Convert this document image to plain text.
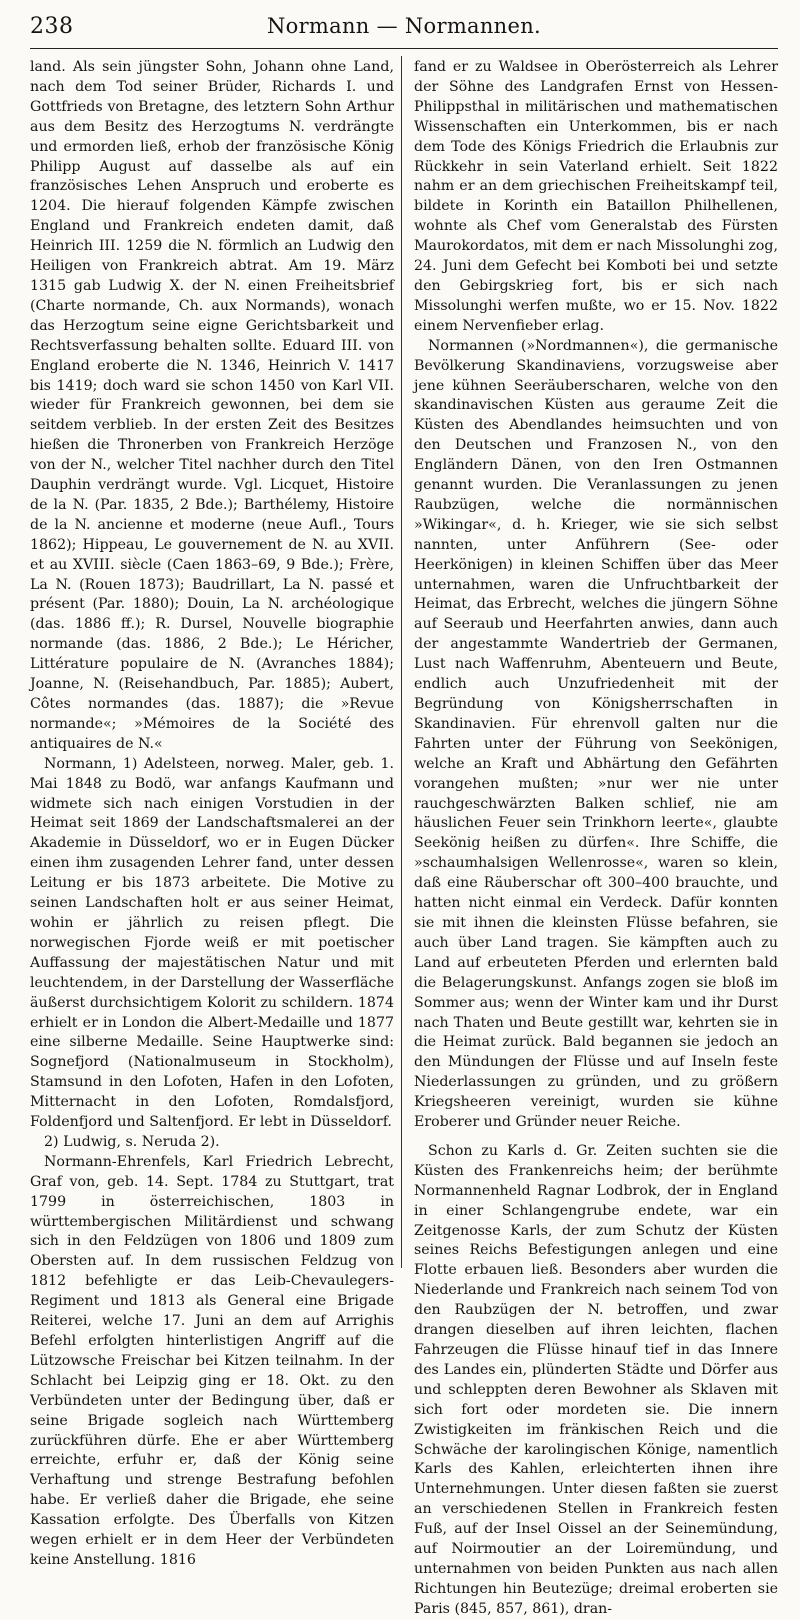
238	Normann — Normannen.

land. Als sein jüngster Sohn, Johann ohne Land, nach dem Tod seiner Brüder, Richards I. und Gottfrieds von Bretagne, des letztern Sohn Arthur aus dem Besitz des Herzogtums N. verdrängte und ermorden ließ, erhob der französische König Philipp August auf dasselbe als auf ein französisches Lehen Anspruch und eroberte es 1204. Die hierauf folgenden Kämpfe zwischen England und Frankreich endeten damit, daß Heinrich III. 1259 die N. förmlich an Ludwig den Heiligen von Frankreich abtrat. Am 19. März 1315 gab Ludwig X. der N. einen Freiheitsbrief (Charte normande, Ch. aux Normands), wonach das Herzogtum seine eigne Gerichtsbarkeit und Rechtsverfassung behalten sollte. Eduard III. von England eroberte die N. 1346, Heinrich V. 1417 bis 1419; doch ward sie schon 1450 von Karl VII. wieder für Frankreich gewonnen, bei dem sie seitdem verblieb. In der ersten Zeit des Besitzes hießen die Thronerben von Frankreich Herzöge von der N., welcher Titel nachher durch den Titel Dauphin verdrängt wurde. Vgl. Licquet, Histoire de la N. (Par. 1835, 2 Bde.); Barthélemy, Histoire de la N. ancienne et moderne (neue Aufl., Tours 1862); Hippeau, Le gouvernement de N. au XVII. et au XVIII. siècle (Caen 1863–69, 9 Bde.); Frère, La N. (Rouen 1873); Baudrillart, La N. passé et présent (Par. 1880); Douin, La N. archéologique (das. 1886 ff.); R. Dursel, Nouvelle biographie normande (das. 1886, 2 Bde.); Le Héricher, Littérature populaire de N. (Avranches 1884); Joanne, N. (Reisehandbuch, Par. 1885); Aubert, Côtes normandes (das. 1887); die »Revue normande«; »Mémoires de la Société des antiquaires de N.«

Normann, 1) Adelsteen, norweg. Maler, geb. 1. Mai 1848 zu Bodö, war anfangs Kaufmann und widmete sich nach einigen Vorstudien in der Heimat seit 1869 der Landschaftsmalerei an der Akademie in Düsseldorf, wo er in Eugen Dücker einen ihm zusagenden Lehrer fand, unter dessen Leitung er bis 1873 arbeitete. Die Motive zu seinen Landschaften holt er aus seiner Heimat, wohin er jährlich zu reisen pflegt. Die norwegischen Fjorde weiß er mit poetischer Auffassung der majestätischen Natur und mit leuchtendem, in der Darstellung der Wasserfläche äußerst durchsichtigem Kolorit zu schildern. 1874 erhielt er in London die Albert-Medaille und 1877 eine silberne Medaille. Seine Hauptwerke sind: Sognefjord (Nationalmuseum in Stockholm), Stamsund in den Lofoten, Hafen in den Lofoten, Mitternacht in den Lofoten, Romdalsfjord, Foldenfjord und Saltenfjord. Er lebt in Düsseldorf.

2) Ludwig, s. Neruda 2).

Normann-Ehrenfels, Karl Friedrich Lebrecht, Graf von, geb. 14. Sept. 1784 zu Stuttgart, trat 1799 in österreichischen, 1803 in württembergischen Militärdienst und schwang sich in den Feldzügen von 1806 und 1809 zum Obersten auf. In dem russischen Feldzug von 1812 befehligte er das Leib-Chevaulegers-Regiment und 1813 als General eine Brigade Reiterei, welche 17. Juni an dem auf Arrighis Befehl erfolgten hinterlistigen Angriff auf die Lützowsche Freischar bei Kitzen teilnahm. In der Schlacht bei Leipzig ging er 18. Okt. zu den Verbündeten unter der Bedingung über, daß er seine Brigade sogleich nach Württemberg zurückführen dürfe. Ehe er aber Württemberg erreichte, erfuhr er, daß der König seine Verhaftung und strenge Bestrafung befohlen habe. Er verließ daher die Brigade, ehe seine Kassation erfolgte. Des Überfalls von Kitzen wegen erhielt er in dem Heer der Verbündeten keine Anstellung. 1816

fand er zu Waldsee in Oberösterreich als Lehrer der Söhne des Landgrafen Ernst von Hessen-Philippsthal in militärischen und mathematischen Wissenschaften ein Unterkommen, bis er nach dem Tode des Königs Friedrich die Erlaubnis zur Rückkehr in sein Vaterland erhielt. Seit 1822 nahm er an dem griechischen Freiheitskampf teil, bildete in Korinth ein Bataillon Philhellenen, wohnte als Chef vom Generalstab des Fürsten Maurokordatos, mit dem er nach Missolunghi zog, 24. Juni dem Gefecht bei Komboti bei und setzte den Gebirgskrieg fort, bis er sich nach Missolunghi werfen mußte, wo er 15. Nov. 1822 einem Nervenfieber erlag.

Normannen (»Nordmannen«), die germanische Bevölkerung Skandinaviens, vorzugsweise aber jene kühnen Seeräuberscharen, welche von den skandinavischen Küsten aus geraume Zeit die Küsten des Abendlandes heimsuchten und von den Deutschen und Franzosen N., von den Engländern Dänen, von den Iren Ostmannen genannt wurden. Die Veranlassungen zu jenen Raubzügen, welche die normännischen »Wikingar«, d. h. Krieger, wie sie sich selbst nannten, unter Anführern (See- oder Heerkönigen) in kleinen Schiffen über das Meer unternahmen, waren die Unfruchtbarkeit der Heimat, das Erbrecht, welches die jüngern Söhne auf Seeraub und Heerfahrten anwies, dann auch der angestammte Wandertrieb der Germanen, Lust nach Waffenruhm, Abenteuern und Beute, endlich auch Unzufriedenheit mit der Begründung von Königsherrschaften in Skandinavien. Für ehrenvoll galten nur die Fahrten unter der Führung von Seekönigen, welche an Kraft und Abhärtung den Gefährten vorangehen mußten; »nur wer nie unter rauchgeschwärzten Balken schlief, nie am häuslichen Feuer sein Trinkhorn leerte«, glaubte Seekönig heißen zu dürfen«. Ihre Schiffe, die »schaumhalsigen Wellenrosse«, waren so klein, daß eine Räuberschar oft 300–400 brauchte, und hatten nicht einmal ein Verdeck. Dafür konnten sie mit ihnen die kleinsten Flüsse befahren, sie auch über Land tragen. Sie kämpften auch zu Land auf erbeuteten Pferden und erlernten bald die Belagerungskunst. Anfangs zogen sie bloß im Sommer aus; wenn der Winter kam und ihr Durst nach Thaten und Beute gestillt war, kehrten sie in die Heimat zurück. Bald begannen sie jedoch an den Mündungen der Flüsse und auf Inseln feste Niederlassungen zu gründen, und zu größern Kriegsheeren vereinigt, wurden sie kühne Eroberer und Gründer neuer Reiche.

Schon zu Karls d. Gr. Zeiten suchten sie die Küsten des Frankenreichs heim; der berühmte Normannenheld Ragnar Lodbrok, der in England in einer Schlangengrube endete, war ein Zeitgenosse Karls, der zum Schutz der Küsten seines Reichs Befestigungen anlegen und eine Flotte erbauen ließ. Besonders aber wurden die Niederlande und Frankreich nach seinem Tod von den Raubzügen der N. betroffen, und zwar drangen dieselben auf ihren leichten, flachen Fahrzeugen die Flüsse hinauf tief in das Innere des Landes ein, plünderten Städte und Dörfer aus und schleppten deren Bewohner als Sklaven mit sich fort oder mordeten sie. Die innern Zwistigkeiten im fränkischen Reich und die Schwäche der karolingischen Könige, namentlich Karls des Kahlen, erleichterten ihnen ihre Unternehmungen. Unter diesen faßten sie zuerst an verschiedenen Stellen in Frankreich festen Fuß, auf der Insel Oissel an der Seinemündung, auf Noirmoutier an der Loiremündung, und unternahmen von beiden Punkten aus nach allen Richtungen hin Beutezüge; dreimal eroberten sie Paris (845, 857, 861), dran-
